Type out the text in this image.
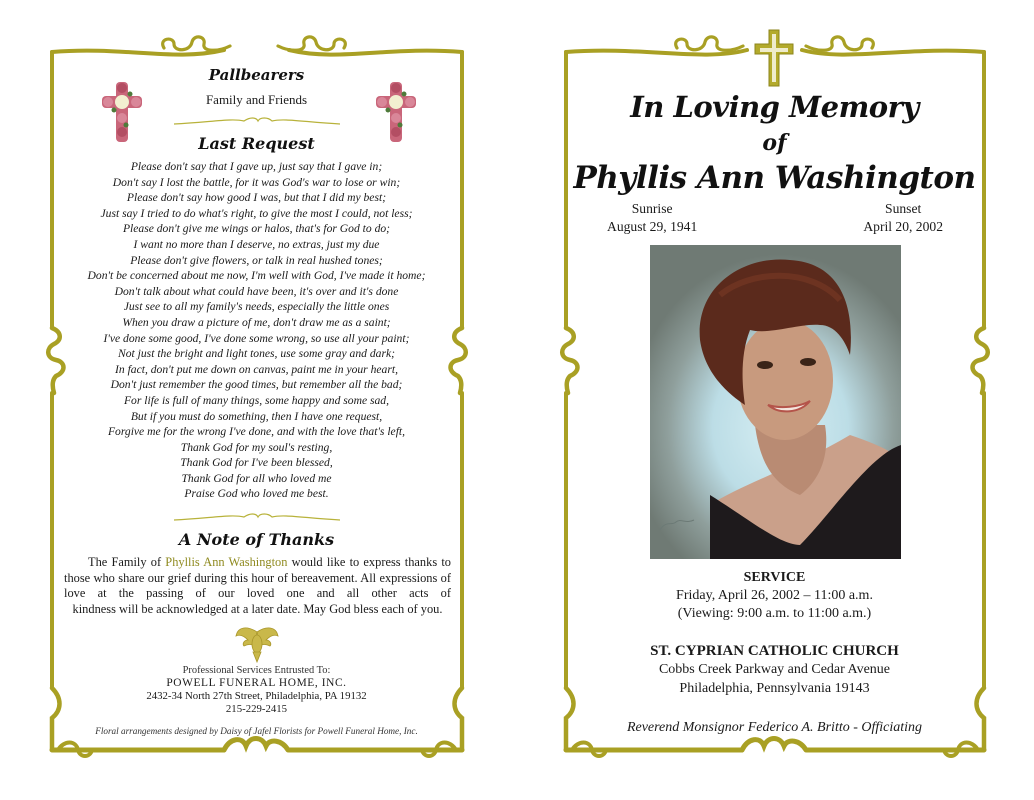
Pallbearers
Family and Friends
Last Request
Please don't say that I gave up, just say that I gave in;
Don't say I lost the battle, for it was God's war to lose or win;
Please don't say how good I was, but that I did my best;
Just say I tried to do what's right, to give the most I could, not less;
Please don't give me wings or halos, that's for God to do;
I want no more than I deserve, no extras, just my due
Please don't give flowers, or talk in real hushed tones;
Don't be concerned about me now, I'm well with God, I've made it home;
Don't talk about what could have been, it's over and it's done
Just see to all my family's needs, especially the little ones
When you draw a picture of me, don't draw me as a saint;
I've done some good, I've done some wrong, so use all your paint;
Not just the bright and light tones, use some gray and dark;
In fact, don't put me down on canvas, paint me in your heart,
Don't just remember the good times, but remember all the bad;
For life is full of many things, some happy and some sad,
But if you must do something, then I have one request,
Forgive me for the wrong I've done, and with the love that's left,
Thank God for my soul's resting,
Thank God for I've been blessed,
Thank God for all who loved me
Praise God who loved me best.
A Note of Thanks
The Family of Phyllis Ann Washington would like to express thanks to those who share our grief during this hour of bereavement. All expressions of love at the passing of our loved one and all other acts of
kindness will be acknowledged at a later date. May God bless each of you.
Professional Services Entrusted To:
POWELL FUNERAL HOME, INC.
2432-34 North 27th Street, Philadelphia, PA 19132
215-229-2415
Floral arrangements designed by Daisy of Jafel Florists for Powell Funeral Home, Inc.
In Loving Memory
of
Phyllis Ann Washington
Sunrise
August 29, 1941
Sunset
April 20, 2002
SERVICE
Friday, April 26, 2002 – 11:00 a.m.
(Viewing: 9:00 a.m. to 11:00 a.m.)
ST. CYPRIAN CATHOLIC CHURCH
Cobbs Creek Parkway and Cedar Avenue
Philadelphia, Pennsylvania 19143
Reverend Monsignor Federico A. Britto - Officiating
